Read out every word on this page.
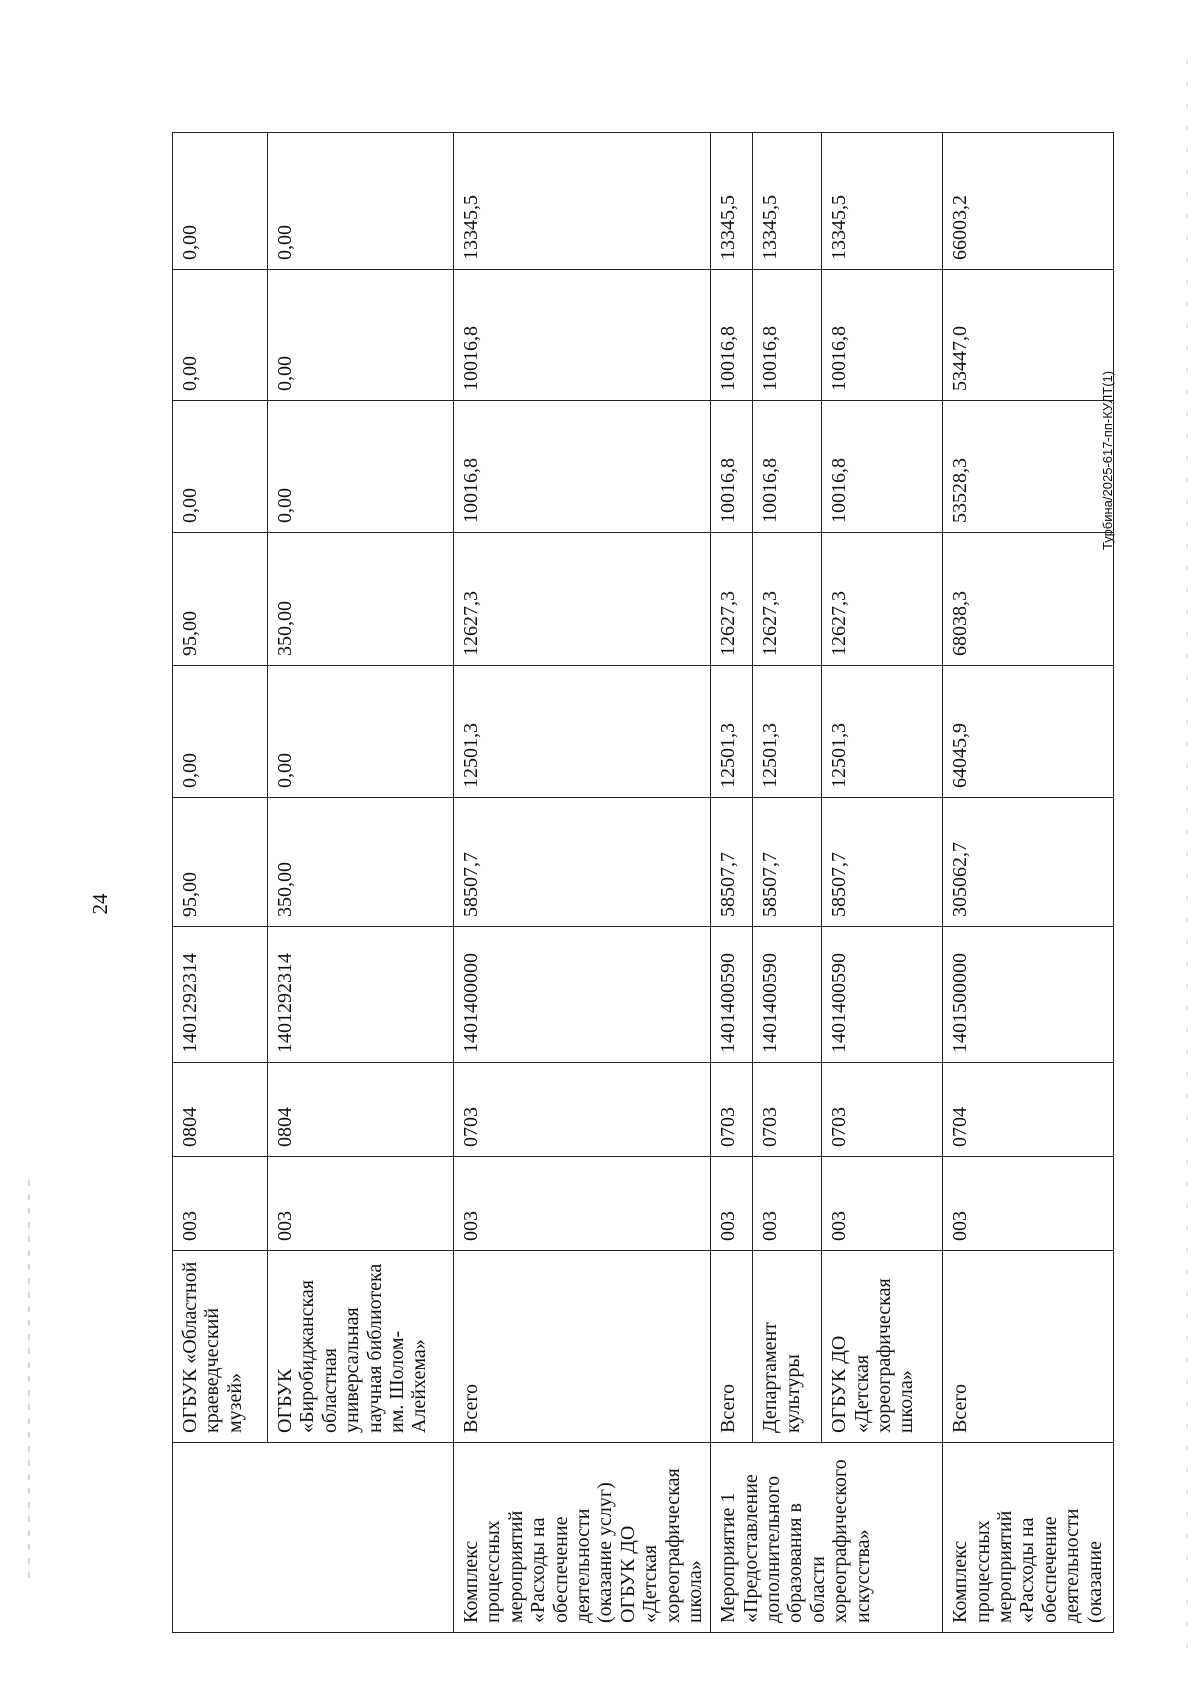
24
Турбина/2025-617-пп-КУЛТ(1)
	ОГБУК «Областной краеведческий музей»	003	0804	1401292314	95,00	0,00	95,00	0,00	0,00	0,00
	ОГБУК «Биробиджанская областная универсальная научная библиотека им. Шолом-Алейхема»	003	0804	1401292314	350,00	0,00	350,00	0,00	0,00	0,00
Комплекс процессных мероприятий «Расходы на обеспечение деятельности (оказание услуг) ОГБУК ДО «Детская хореографическая школа»	Всего	003	0703	1401400000	58507,7	12501,3	12627,3	10016,8	10016,8	13345,5
Мероприятие 1 «Предоставление дополнительного образования в области хореографического искусства»	Всего	003	0703	1401400590	58507,7	12501,3	12627,3	10016,8	10016,8	13345,5
	Департамент культуры	003	0703	1401400590	58507,7	12501,3	12627,3	10016,8	10016,8	13345,5
	ОГБУК ДО «Детская хореографическая школа»	003	0703	1401400590	58507,7	12501,3	12627,3	10016,8	10016,8	13345,5
Комплекс процессных мероприятий «Расходы на обеспечение деятельности (оказание	Всего	003	0704	1401500000	305062,7	64045,9	68038,3	53528,3	53447,0	66003,2
